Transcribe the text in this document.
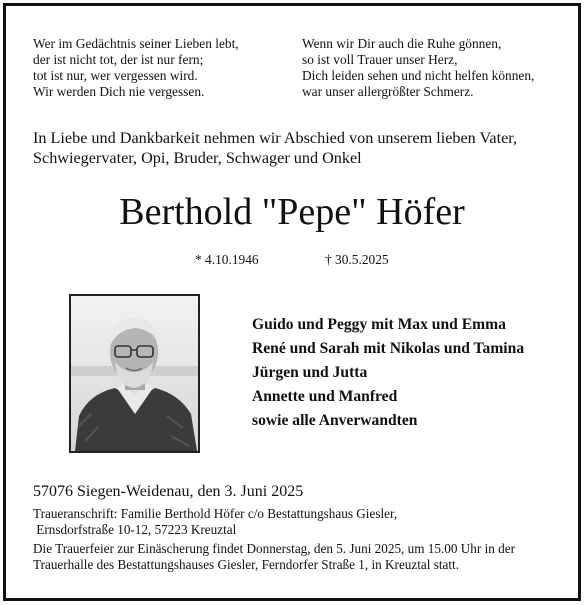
Wer im Gedächtnis seiner Lieben lebt,
der ist nicht tot, der ist nur fern;
tot ist nur, wer vergessen wird.
Wir werden Dich nie vergessen.
Wenn wir Dir auch die Ruhe gönnen,
so ist voll Trauer unser Herz,
Dich leiden sehen und nicht helfen können,
war unser allergrößter Schmerz.
In Liebe und Dankbarkeit nehmen wir Abschied von unserem lieben Vater,
Schwiegervater, Opi, Bruder, Schwager und Onkel
Berthold "Pepe" Höfer
* 4.10.1946	† 30.5.2025
Guido und Peggy mit Max und Emma
René und Sarah mit Nikolas und Tamina
Jürgen und Jutta
Annette und Manfred
sowie alle Anverwandten
57076 Siegen-Weidenau, den 3. Juni 2025
Traueranschrift: Familie Berthold Höfer c/o Bestattungshaus Giesler,
Ernsdorfstraße 10-12, 57223 Kreuztal
Die Trauerfeier zur Einäscherung findet Donnerstag, den 5. Juni 2025, um 15.00 Uhr in der
Trauerhalle des Bestattungshauses Giesler, Ferndorfer Straße 1, in Kreuztal statt.
